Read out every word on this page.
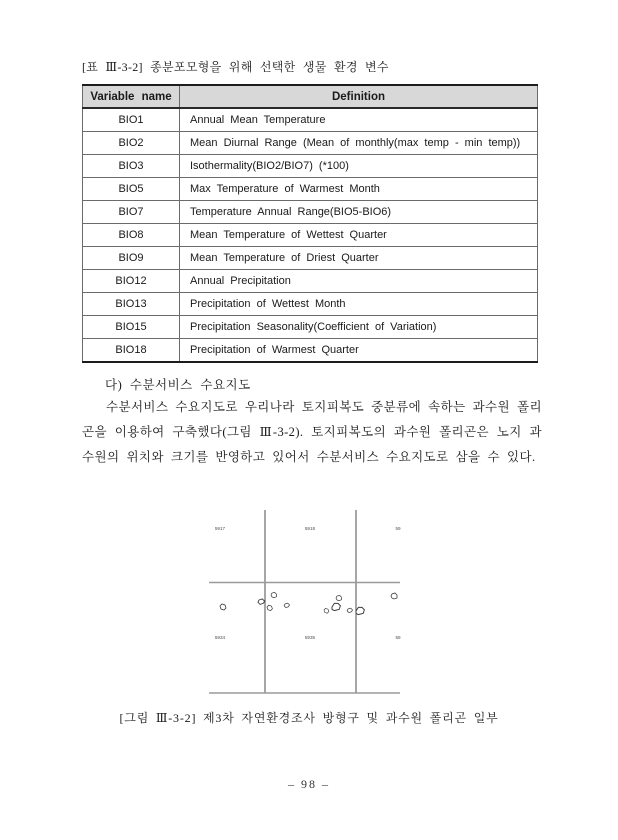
[표 Ⅲ-3-2] 종분포모형을 위해 선택한 생물 환경 변수
Variable name	Definition
BIO1	Annual Mean Temperature
BIO2	Mean Diurnal Range (Mean of monthly(max temp - min temp))
BIO3	Isothermality(BIO2/BIO7) (*100)
BIO5	Max Temperature of Warmest Month
BIO7	Temperature Annual Range(BIO5-BIO6)
BIO8	Mean Temperature of Wettest Quarter
BIO9	Mean Temperature of Driest Quarter
BIO12	Annual Precipitation
BIO13	Precipitation of Wettest Month
BIO15	Precipitation Seasonality(Coefficient of Variation)
BIO18	Precipitation of Warmest Quarter
다) 수분서비스 수요지도

수분서비스 수요지도로 우리나라 토지피복도 중분류에 속하는 과수원 폴리곤을 이용하여 구축했다(그림 Ⅲ-3-2). 토지피복도의 과수원 폴리곤은 노지 과수원의 위치와 크기를 반영하고 있어서 수분서비스 수요지도로 삼을 수 있다.

5917	5918	59
5934	5935	59
[그림 Ⅲ-3-2] 제3차 자연환경조사 방형구 및 과수원 폴리곤 일부
– 98 –
